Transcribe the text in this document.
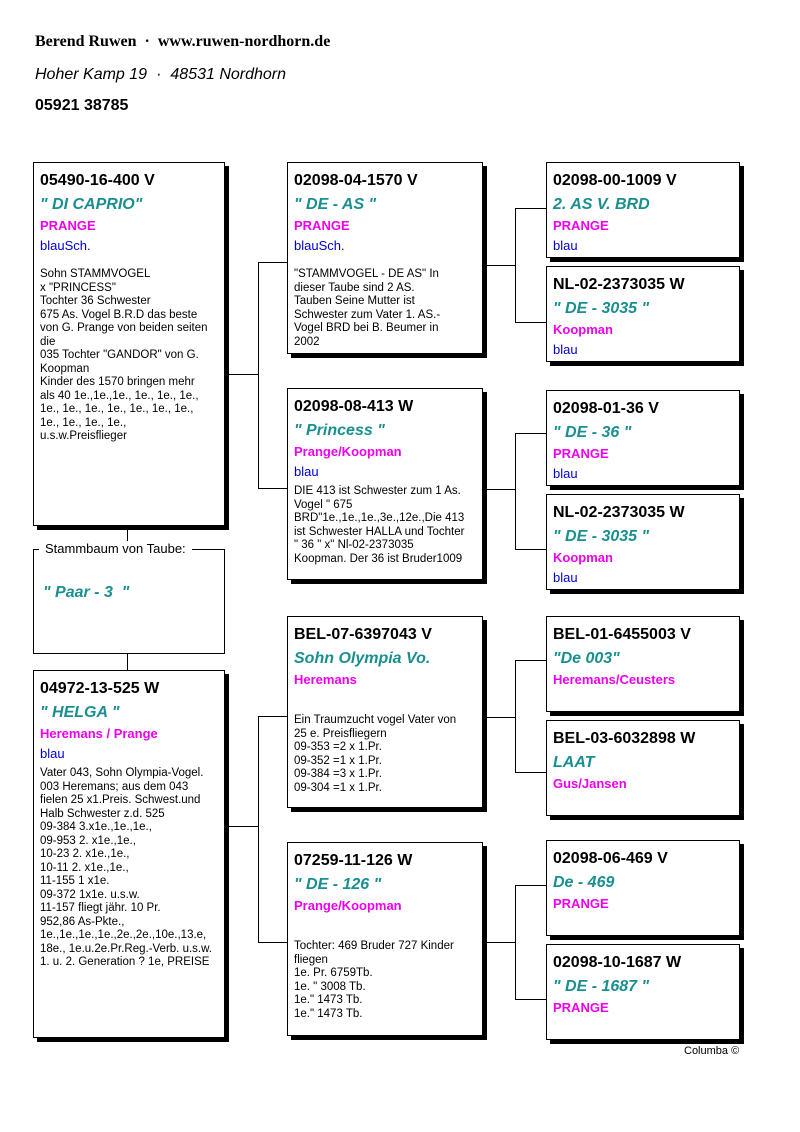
Berend Ruwen · www.ruwen-nordhorn.de
Hoher Kamp 19 · 48531 Nordhorn
05921 38785
05490-16-400 V
" DI CAPRIO"
PRANGE
blauSch.
Sohn STAMMVOGEL
x "PRINCESS"
Tochter 36 Schwester
675 As. Vogel B.R.D das beste
von G. Prange von beiden seiten
die
035 Tochter "GANDOR" von G.
Koopman
Kinder des 1570 bringen mehr
als 40 1e.,1e.,1e., 1e., 1e., 1e.,
1e., 1e., 1e., 1e., 1e., 1e., 1e.,
1e., 1e., 1e., 1e.,
u.s.w.Preisflieger
Stammbaum von Taube:
" Paar - 3  "
04972-13-525 W
" HELGA "
Heremans / Prange
blau
Vater 043, Sohn Olympia-Vogel.
003 Heremans; aus dem 043
fielen 25 x1.Preis. Schwest.und
Halb Schwester z.d. 525
09-384 3.x1e.,1e.,1e.,
09-953 2. x1e.,1e.,
10-23 2. x1e.,1e.,
10-11 2. x1e.,1e.,
11-155 1 x1e.
09-372 1x1e. u.s.w.
11-157 fliegt jähr. 10 Pr.
952,86 As-Pkte.,
1e.,1e.,1e.,1e.,2e.,2e.,10e.,13.e,
18e., 1e.u.2e.Pr.Reg.-Verb. u.s.w.
1. u. 2. Generation ? 1e, PREISE
02098-04-1570 V
" DE - AS "
PRANGE
blauSch.
"STAMMVOGEL - DE AS" In
dieser Taube sind 2 AS.
Tauben Seine Mutter ist
Schwester zum Vater 1. AS.-
Vogel BRD bei B. Beumer in
2002
02098-08-413 W
" Princess "
Prange/Koopman
blau
DIE 413 ist Schwester zum 1 As.
Vogel " 675
BRD"1e.,1e.,1e.,3e.,12e.,Die 413
ist Schwester HALLA und Tochter
" 36 " x" Nl-02-2373035
Koopman. Der 36 ist Bruder1009
BEL-07-6397043 V
Sohn Olympia Vo.
Heremans
Ein Traumzucht vogel Vater von
25 e. Preisfliegern
09-353 =2 x 1.Pr.
09-352 =1 x 1.Pr.
09-384 =3 x 1.Pr.
09-304 =1 x 1.Pr.
07259-11-126 W
" DE - 126 "
Prange/Koopman
Tochter: 469 Bruder 727 Kinder
fliegen
1e. Pr. 6759Tb.
1e. " 3008 Tb.
1e." 1473 Tb.
1e." 1473 Tb.
02098-00-1009 V
2. AS V. BRD
PRANGE
blau
NL-02-2373035 W
" DE - 3035 "
Koopman
blau
02098-01-36 V
" DE - 36 "
PRANGE
blau
NL-02-2373035 W
" DE - 3035 "
Koopman
blau
BEL-01-6455003 V
"De 003"
Heremans/Ceusters
BEL-03-6032898 W
LAAT
Gus/Jansen
02098-06-469 V
De - 469
PRANGE
02098-10-1687 W
" DE - 1687 "
PRANGE
Columba ©
